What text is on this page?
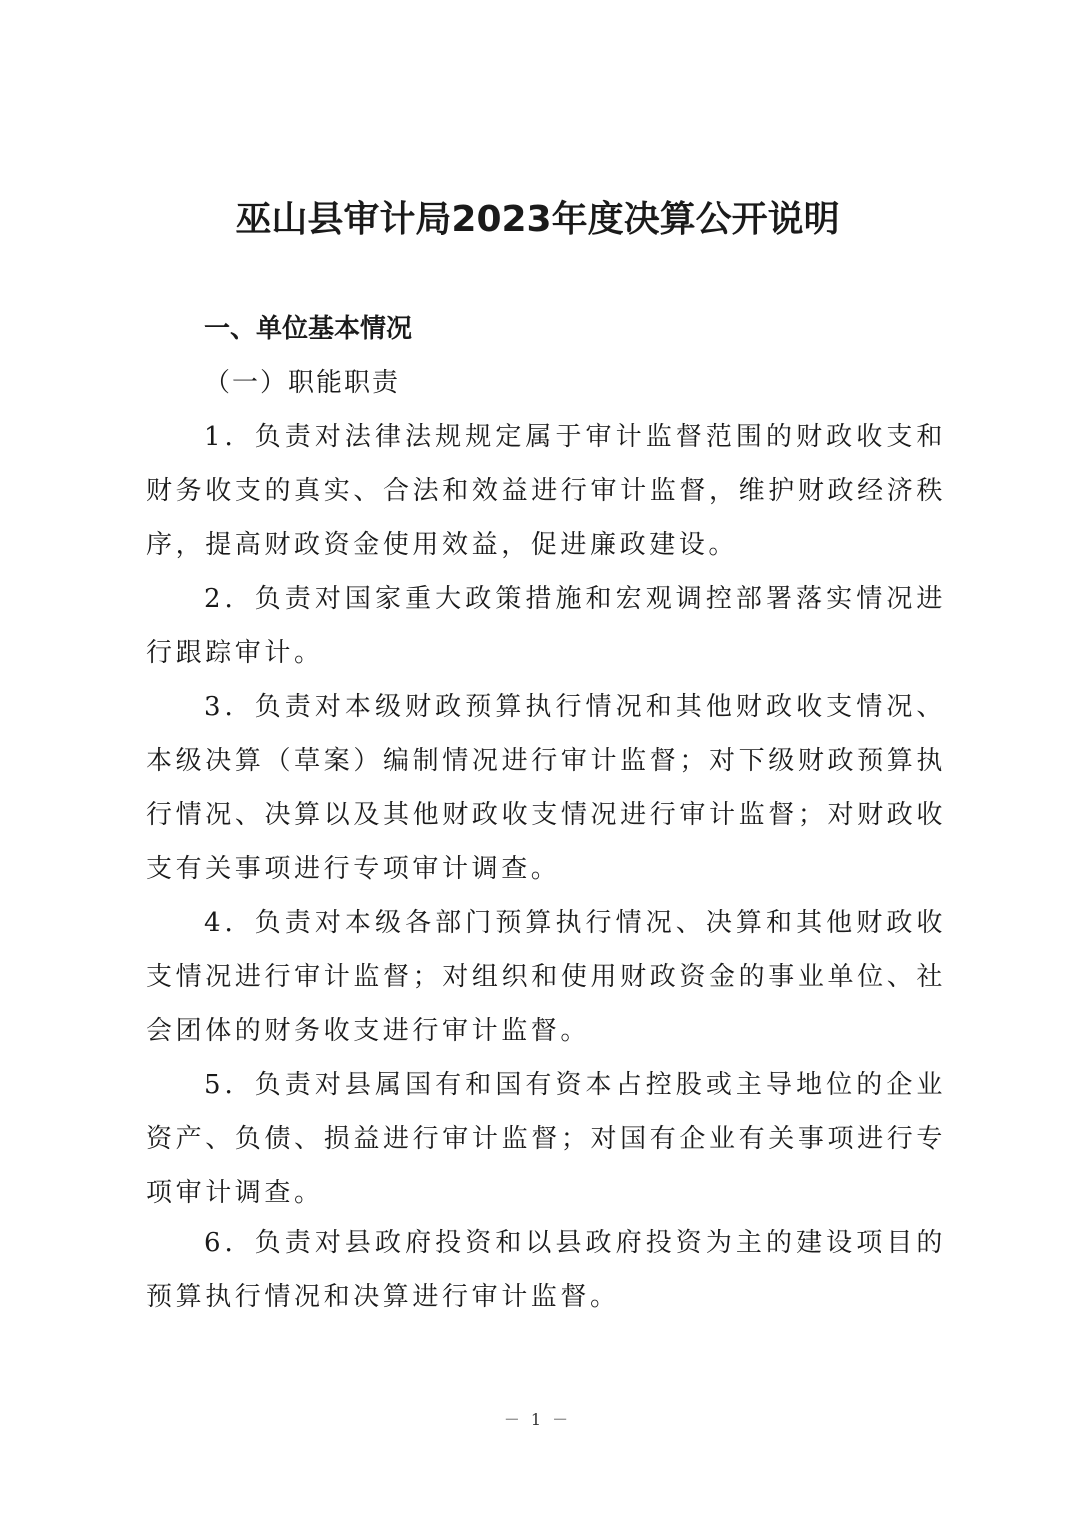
巫山县审计局2023年度决算公开说明
一、单位基本情况
（一）职能职责

1．负责对法律法规规定属于审计监督范围的财政收支和财务收支的真实、合法和效益进行审计监督，维护财政经济秩序，提高财政资金使用效益，促进廉政建设。

2．负责对国家重大政策措施和宏观调控部署落实情况进行跟踪审计。

3．负责对本级财政预算执行情况和其他财政收支情况、本级决算（草案）编制情况进行审计监督；对下级财政预算执行情况、决算以及其他财政收支情况进行审计监督；对财政收支有关事项进行专项审计调查。

4．负责对本级各部门预算执行情况、决算和其他财政收支情况进行审计监督；对组织和使用财政资金的事业单位、社会团体的财务收支进行审计监督。

5．负责对县属国有和国有资本占控股或主导地位的企业资产、负债、损益进行审计监督；对国有企业有关事项进行专项审计调查。

6．负责对县政府投资和以县政府投资为主的建设项目的预算执行情况和决算进行审计监督。

－ 1 －
